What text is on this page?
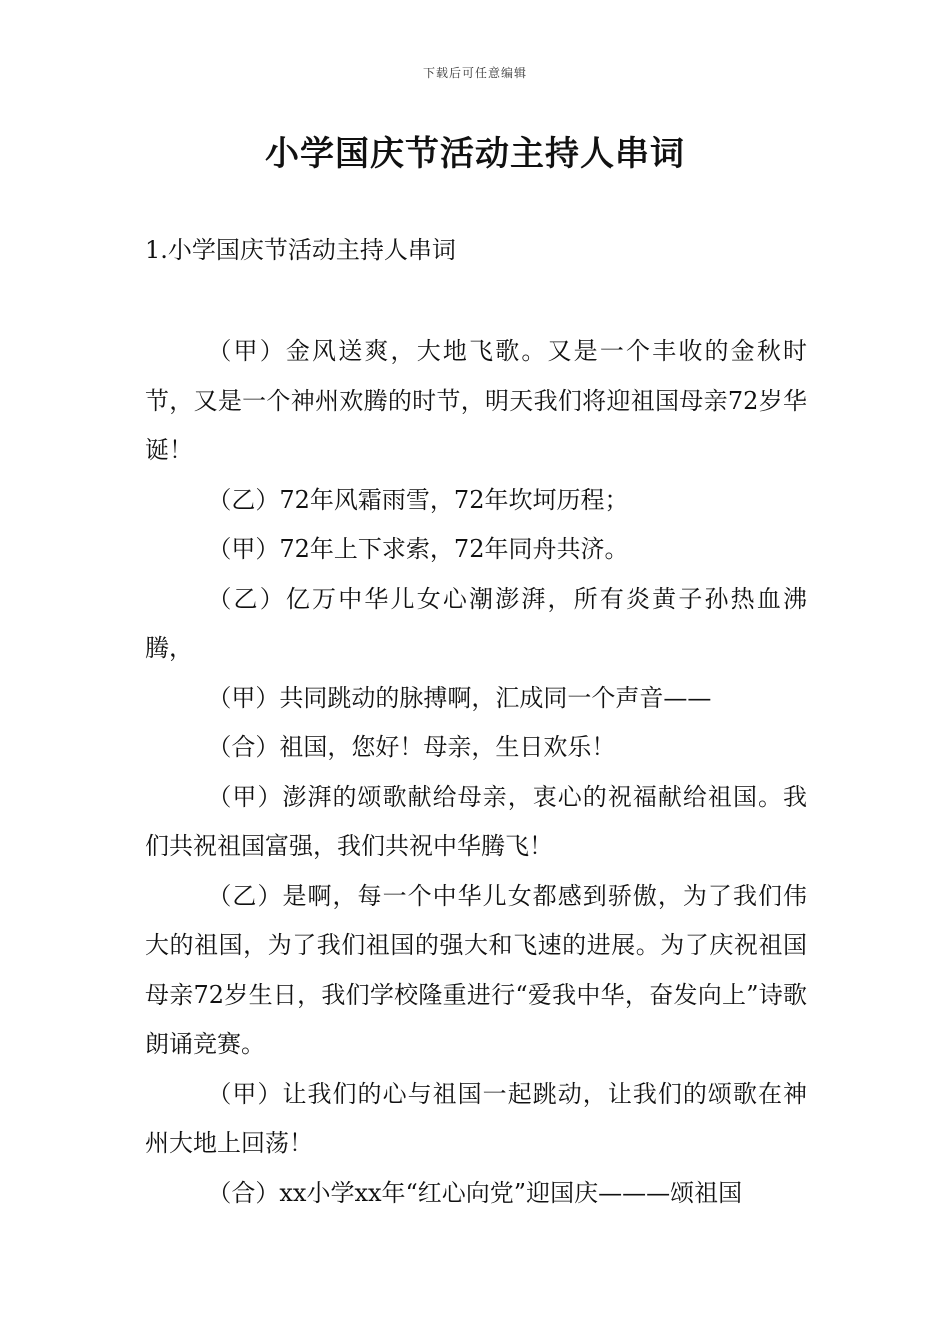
下载后可任意编辑
小学国庆节活动主持人串词
1.小学国庆节活动主持人串词

（甲）金风送爽，大地飞歌。又是一个丰收的金秋时节，又是一个神州欢腾的时节，明天我们将迎祖国母亲72岁华诞！

（乙）72年风霜雨雪，72年坎坷历程；

（甲）72年上下求索，72年同舟共济。

（乙）亿万中华儿女心潮澎湃，所有炎黄子孙热血沸腾，

（甲）共同跳动的脉搏啊，汇成同一个声音——

（合）祖国，您好！母亲，生日欢乐！

（甲）澎湃的颂歌献给母亲，衷心的祝福献给祖国。我们共祝祖国富强，我们共祝中华腾飞！

（乙）是啊，每一个中华儿女都感到骄傲，为了我们伟大的祖国，为了我们祖国的强大和飞速的进展。为了庆祝祖国母亲72岁生日，我们学校隆重进行“爱我中华，奋发向上”诗歌朗诵竞赛。

（甲）让我们的心与祖国一起跳动，让我们的颂歌在神州大地上回荡！

（合）xx小学xx年“红心向党”迎国庆———颂祖国
